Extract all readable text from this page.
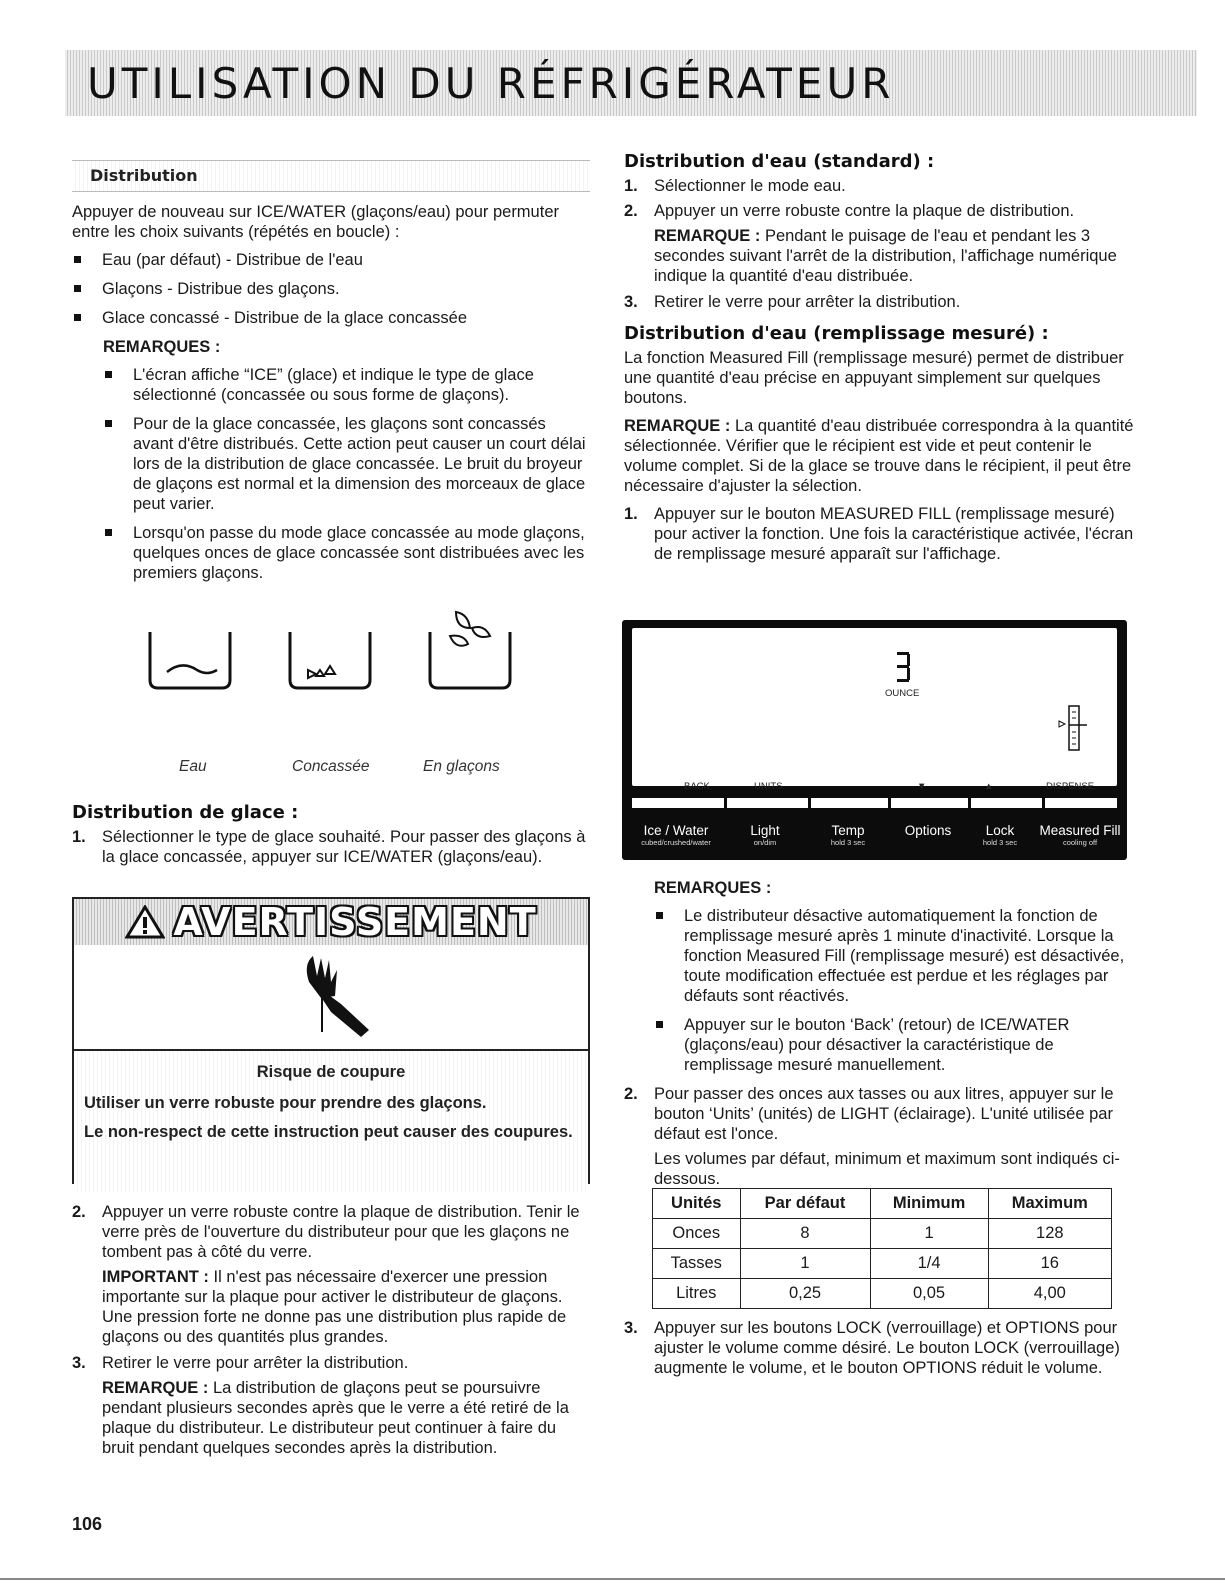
UTILISATION DU RÉFRIGÉRATEUR
Distribution

Appuyer de nouveau sur ICE/WATER (glaçons/eau) pour permuter entre les choix suivants (répétés en boucle) :

Eau (par défaut) - Distribue de l'eau
Glaçons - Distribue des glaçons.
Glace concassé - Distribue de la glace concassée

REMARQUES :

L'écran affiche “ICE” (glace) et indique le type de glace sélectionné (concassée ou sous forme de glaçons).
Pour de la glace concassée, les glaçons sont concassés avant d'être distribués. Cette action peut causer un court délai lors de la distribution de glace concassée. Le bruit du broyeur de glaçons est normal et la dimension des morceaux de glace peut varier.
Lorsqu'on passe du mode glace concassée au mode glaçons, quelques onces de glace concassée sont distribuées avec les premiers glaçons.
Eau	Concassée	En glaçons
Distribution de glace :
1. Sélectionner le type de glace souhaité. Pour passer des glaçons à la glace concassée, appuyer sur ICE/WATER (glaçons/eau).
AVERTISSEMENT
Risque de coupure

Utiliser un verre robuste pour prendre des glaçons.

Le non-respect de cette instruction peut causer des coupures.

2. Appuyer un verre robuste contre la plaque de distribution. Tenir le verre près de l'ouverture du distributeur pour que les glaçons ne tombent pas à côté du verre.
IMPORTANT : Il n'est pas nécessaire d'exercer une pression importante sur la plaque pour activer le distributeur de glaçons. Une pression forte ne donne pas une distribution plus rapide de glaçons ou des quantités plus grandes.
3. Retirer le verre pour arrêter la distribution.
REMARQUE : La distribution de glaçons peut se poursuivre pendant plusieurs secondes après que le verre a été retiré de la plaque du distributeur. Le distributeur peut continuer à faire du bruit pendant quelques secondes après la distribution.
Distribution d'eau (standard) :
1. Sélectionner le mode eau.
2. Appuyer un verre robuste contre la plaque de distribution.
REMARQUE : Pendant le puisage de l'eau et pendant les 3 secondes suivant l'arrêt de la distribution, l'affichage numérique indique la quantité d'eau distribuée.
3. Retirer le verre pour arrêter la distribution.
Distribution d'eau (remplissage mesuré) :

La fonction Measured Fill (remplissage mesuré) permet de distribuer une quantité d'eau précise en appuyant simplement sur quelques boutons.

REMARQUE : La quantité d'eau distribuée correspondra à la quantité sélectionnée. Vérifier que le récipient est vide et peut contenir le volume complet. Si de la glace se trouve dans le récipient, il peut être nécessaire d'ajuster la sélection.

1. Appuyer sur le bouton MEASURED FILL (remplissage mesuré) pour activer la fonction. Une fois la caractéristique activée, l'écran de remplissage mesuré apparaît sur l'affichage.
OUNCE
BACK	UNITS	▼	▲	DISPENSE
Ice / Water
cubed/crushed/water
Light
on/dim
Temp
hold 3 sec
Options	Lock
hold 3 sec
Measured Fill
cooling off

REMARQUES :

Le distributeur désactive automatiquement la fonction de remplissage mesuré après 1 minute d'inactivité. Lorsque la fonction Measured Fill (remplissage mesuré) est désactivée, toute modification effectuée est perdue et les réglages par défauts sont réactivés.
Appuyer sur le bouton ‘Back’ (retour) de ICE/WATER (glaçons/eau) pour désactiver la caractéristique de remplissage mesuré manuellement.
2. Pour passer des onces aux tasses ou aux litres, appuyer sur le bouton ‘Units’ (unités) de LIGHT (éclairage). L'unité utilisée par défaut est l'once.
Les volumes par défaut, minimum et maximum sont indiqués ci-dessous.
Unités	Par défaut	Minimum	Maximum
Onces	8	1	128
Tasses	1	1/4	16
Litres	0,25	0,05	4,00
3. Appuyer sur les boutons LOCK (verrouillage) et OPTIONS pour ajuster le volume comme désiré. Le bouton LOCK (verrouillage) augmente le volume, et le bouton OPTIONS réduit le volume.
106
